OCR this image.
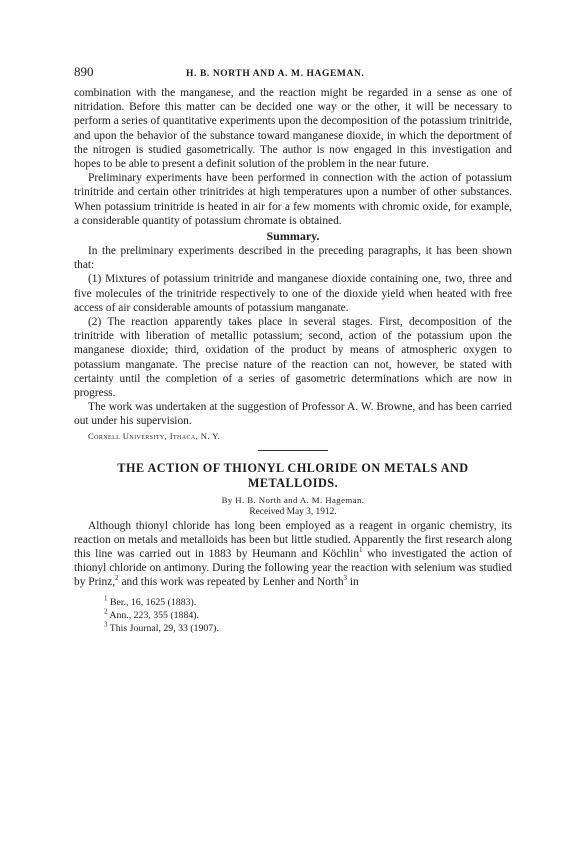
890	H. B. NORTH AND A. M. HAGEMAN.

combination with the manganese, and the reaction might be regarded in a sense as one of nitridation. Before this matter can be decided one way or the other, it will be necessary to perform a series of quantitative experiments upon the decomposition of the potassium trinitride, and upon the behavior of the substance toward manganese dioxide, in which the deportment of the nitrogen is studied gasometrically. The author is now engaged in this investigation and hopes to be able to present a definit solution of the problem in the near future.

Preliminary experiments have been performed in connection with the action of potassium trinitride and certain other trinitrides at high temperatures upon a number of other substances. When potassium trinitride is heated in air for a few moments with chromic oxide, for example, a considerable quantity of potassium chromate is obtained.

Summary.

In the preliminary experiments described in the preceding paragraphs, it has been shown that:

(1) Mixtures of potassium trinitride and manganese dioxide containing one, two, three and five molecules of the trinitride respectively to one of the dioxide yield when heated with free access of air considerable amounts of potassium manganate.

(2) The reaction apparently takes place in several stages. First, decomposition of the trinitride with liberation of metallic potassium; second, action of the potassium upon the manganese dioxide; third, oxidation of the product by means of atmospheric oxygen to potassium manganate. The precise nature of the reaction can not, however, be stated with certainty until the completion of a series of gasometric determinations which are now in progress.

The work was undertaken at the suggestion of Professor A. W. Browne, and has been carried out under his supervision.

Cornell University, Ithaca, N. Y.
THE ACTION OF THIONYL CHLORIDE ON METALS AND METALLOIDS.
By H. B. North and A. M. Hageman.
Received May 3, 1912.

Although thionyl chloride has long been employed as a reagent in organic chemistry, its reaction on metals and metalloids has been but little studied. Apparently the first research along this line was carried out in 1883 by Heumann and Köchlin$^1$ who investigated the action of thionyl chloride on antimony. During the following year the reaction with selenium was studied by Prinz,$^2$ and this work was repeated by Lenher and North$^3$ in

$^1$ Ber., 16, 1625 (1883).
$^2$ Ann., 223, 355 (1884).
$^3$ This Journal, 29, 33 (1907).
